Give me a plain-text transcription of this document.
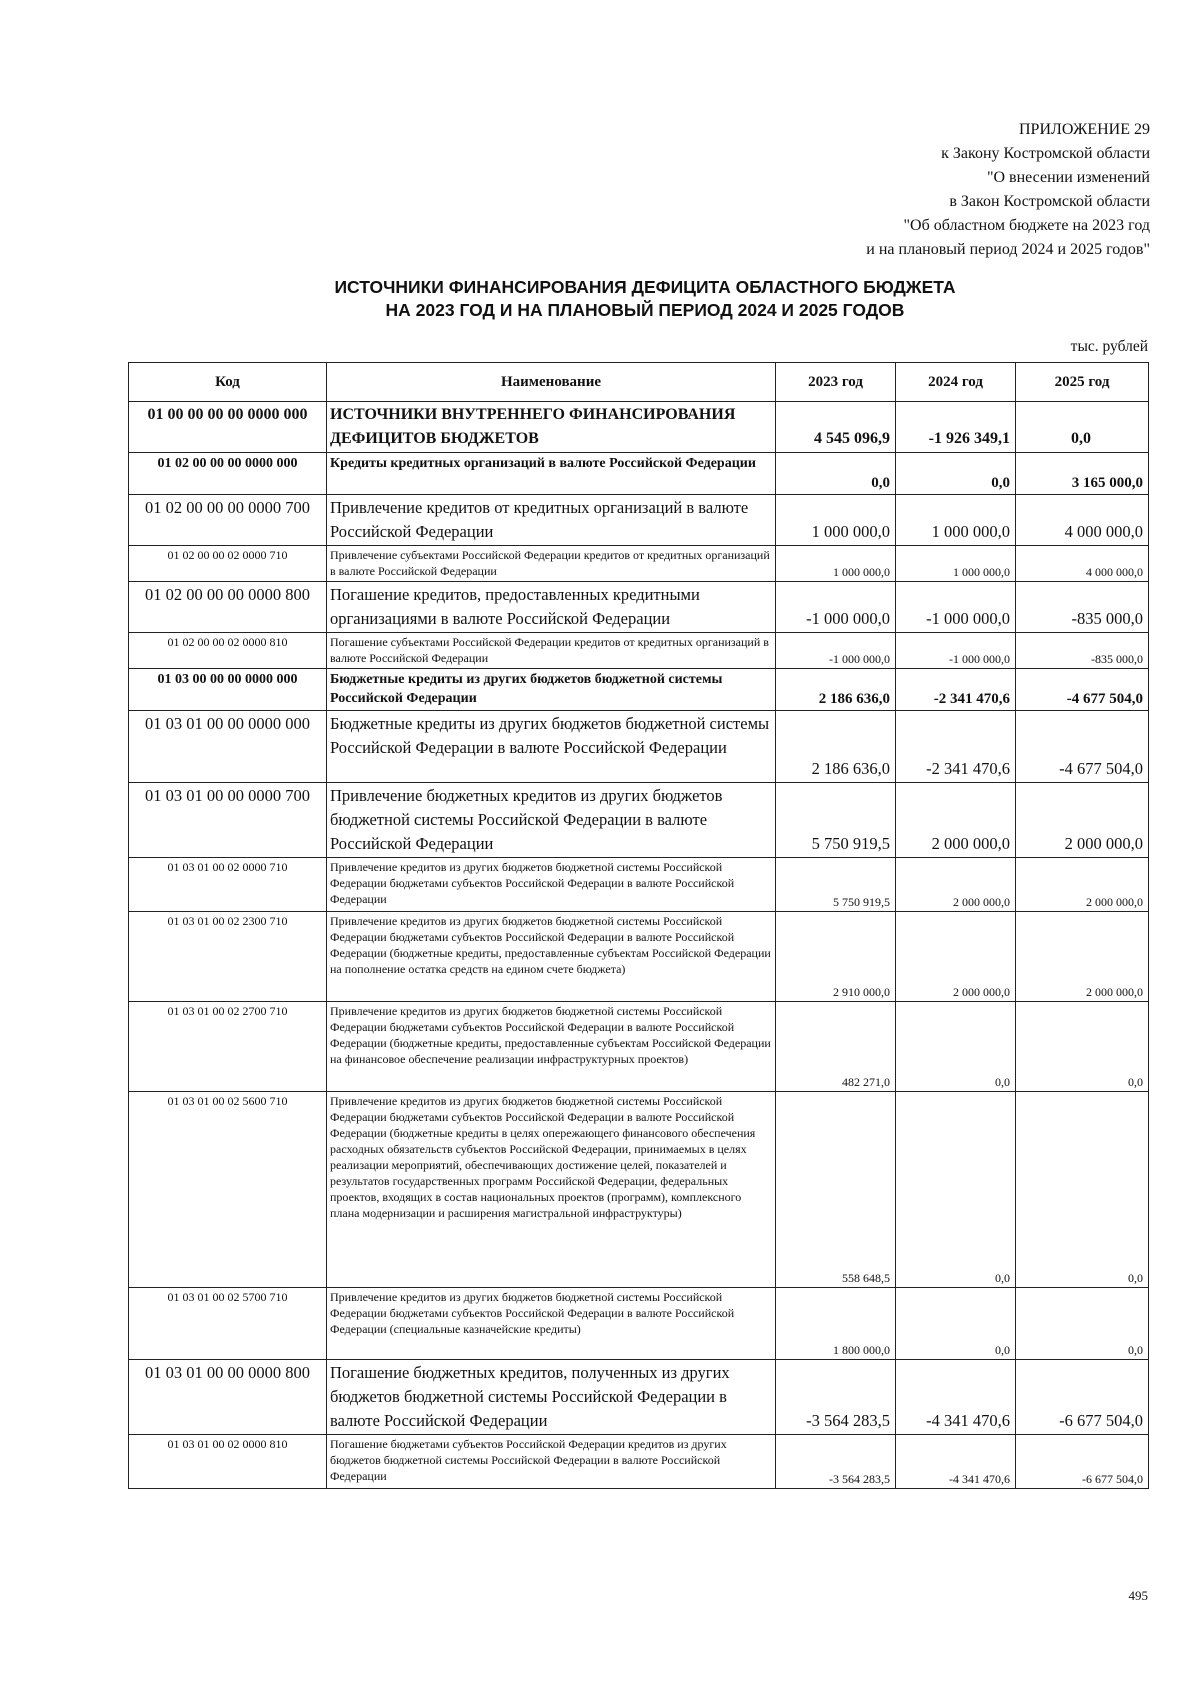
ПРИЛОЖЕНИЕ 29
к Закону Костромской области
"О внесении изменений
в Закон Костромской области
"Об областном бюджете на 2023 год
и на плановый период 2024 и 2025 годов"
ИСТОЧНИКИ ФИНАНСИРОВАНИЯ ДЕФИЦИТА ОБЛАСТНОГО БЮДЖЕТА
НА 2023 ГОД И НА ПЛАНОВЫЙ ПЕРИОД 2024 И 2025 ГОДОВ
тыс. рублей
Код	Наименование	2023 год	2024 год	2025 год
01 00 00 00 00 0000 000	ИСТОЧНИКИ ВНУТРЕННЕГО ФИНАНСИРОВАНИЯ ДЕФИЦИТОВ БЮДЖЕТОВ	4 545 096,9	-1 926 349,1	0,0
01 02 00 00 00 0000 000	Кредиты кредитных организаций в валюте Российской Федерации	0,0	0,0	3 165 000,0
01 02 00 00 00 0000 700	Привлечение кредитов от кредитных организаций в валюте Российской Федерации	1 000 000,0	1 000 000,0	4 000 000,0
01 02 00 00 02 0000 710	Привлечение субъектами Российской Федерации кредитов от кредитных организаций в валюте Российской Федерации	1 000 000,0	1 000 000,0	4 000 000,0
01 02 00 00 00 0000 800	Погашение кредитов, предоставленных кредитными организациями в валюте Российской Федерации	-1 000 000,0	-1 000 000,0	-835 000,0
01 02 00 00 02 0000 810	Погашение субъектами Российской Федерации кредитов от кредитных организаций в валюте Российской Федерации	-1 000 000,0	-1 000 000,0	-835 000,0
01 03 00 00 00 0000 000	Бюджетные кредиты из других бюджетов бюджетной системы Российской Федерации	2 186 636,0	-2 341 470,6	-4 677 504,0
01 03 01 00 00 0000 000	Бюджетные кредиты из других бюджетов бюджетной системы Российской Федерации в валюте Российской Федерации	2 186 636,0	-2 341 470,6	-4 677 504,0
01 03 01 00 00 0000 700	Привлечение бюджетных кредитов из других бюджетов бюджетной системы Российской Федерации в валюте Российской Федерации	5 750 919,5	2 000 000,0	2 000 000,0
01 03 01 00 02 0000 710	Привлечение кредитов из других бюджетов бюджетной системы Российской Федерации бюджетами субъектов Российской Федерации в валюте Российской Федерации	5 750 919,5	2 000 000,0	2 000 000,0
01 03 01 00 02 2300 710	Привлечение кредитов из других бюджетов бюджетной системы Российской Федерации бюджетами субъектов Российской Федерации в валюте Российской Федерации (бюджетные кредиты, предоставленные субъектам Российской Федерации на пополнение остатка средств на едином счете бюджета)	2 910 000,0	2 000 000,0	2 000 000,0
01 03 01 00 02 2700 710	Привлечение кредитов из других бюджетов бюджетной системы Российской Федерации бюджетами субъектов Российской Федерации в валюте Российской Федерации (бюджетные кредиты, предоставленные субъектам Российской Федерации на финансовое обеспечение реализации инфраструктурных проектов)	482 271,0	0,0	0,0
01 03 01 00 02 5600 710	Привлечение кредитов из других бюджетов бюджетной системы Российской Федерации бюджетами субъектов Российской Федерации в валюте Российской Федерации (бюджетные кредиты в целях опережающего финансового обеспечения расходных обязательств субъектов Российской Федерации, принимаемых в целях реализации мероприятий, обеспечивающих достижение целей, показателей и результатов государственных программ Российской Федерации, федеральных проектов, входящих в состав национальных проектов (программ), комплексного плана модернизации и расширения магистральной инфраструктуры)	558 648,5	0,0	0,0
01 03 01 00 02 5700 710	Привлечение кредитов из других бюджетов бюджетной системы Российской Федерации бюджетами субъектов Российской Федерации в валюте Российской Федерации (специальные казначейские кредиты)	1 800 000,0	0,0	0,0
01 03 01 00 00 0000 800	Погашение бюджетных кредитов, полученных из других бюджетов бюджетной системы Российской Федерации в валюте Российской Федерации	-3 564 283,5	-4 341 470,6	-6 677 504,0
01 03 01 00 02 0000 810	Погашение бюджетами субъектов Российской Федерации кредитов из других бюджетов бюджетной системы Российской Федерации в валюте Российской Федерации	-3 564 283,5	-4 341 470,6	-6 677 504,0
495
